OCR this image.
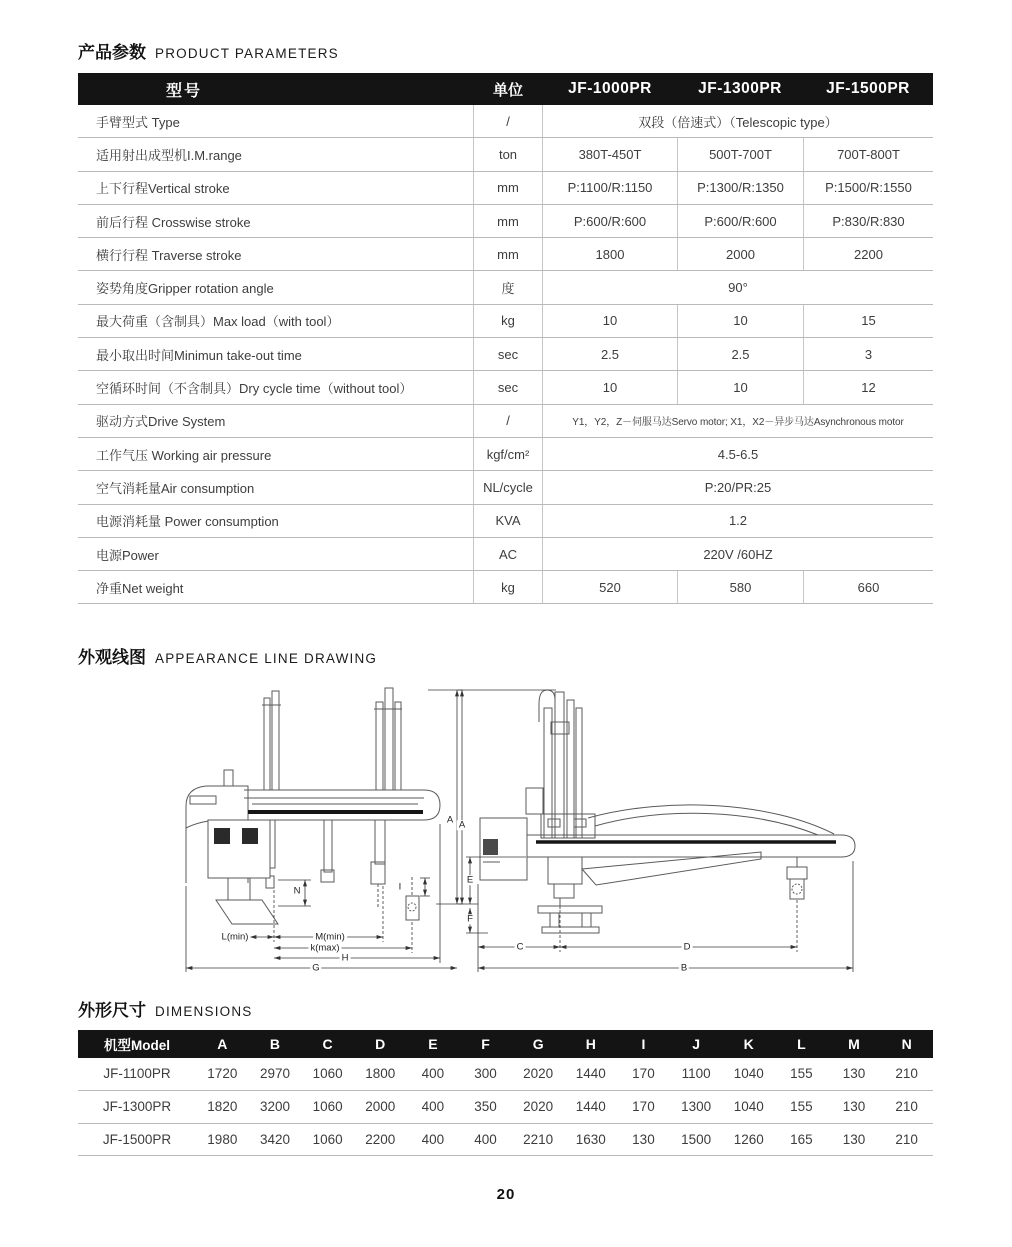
产品参数 PRODUCT PARAMETERS
型号	单位	JF-1000PR	JF-1300PR	JF-1500PR
手臂型式 Type	/	双段（倍速式）（Telescopic type）
适用射出成型机I.M.range	ton	380T-450T	500T-700T	700T-800T
上下行程Vertical stroke	mm	P:1100/R:1150	P:1300/R:1350	P:1500/R:1550
前后行程 Crosswise stroke	mm	P:600/R:600	P:600/R:600	P:830/R:830
横行行程 Traverse stroke	mm	1800	2000	2200
姿势角度Gripper rotation angle	度	90°
最大荷重（含制具）Max load（with tool）	kg	10	10	15
最小取出时间Minimun take-out time	sec	2.5	2.5	3
空循环时间（不含制具）Dry cycle time（without tool）	sec	10	10	12
驱动方式Drive System	/	Y1，Y2，Z－伺服马达Servo motor; X1，X2－异步马达Asynchronous motor
工作气压 Working air pressure	kgf/cm²	4.5-6.5
空气消耗量Air consumption	NL/cycle	P:20/PR:25
电源消耗量 Power consumption	KVA	1.2
电源Power	AC	220V /60HZ
净重Net weight	kg	520	580	660
外观线图 APPEARANCE LINE DRAWING
A
N	I
L(min)	M(min)
k(max)
H
G
A
E
F
C	D
B
外形尺寸 DIMENSIONS
机型Model	A	B	C	D	E	F	G	H	I	J	K	L	M	N
JF-1100PR	1720	2970	1060	1800	400	300	2020	1440	170	1100	1040	155	130	210
JF-1300PR	1820	3200	1060	2000	400	350	2020	1440	170	1300	1040	155	130	210
JF-1500PR	1980	3420	1060	2200	400	400	2210	1630	130	1500	1260	165	130	210
20
